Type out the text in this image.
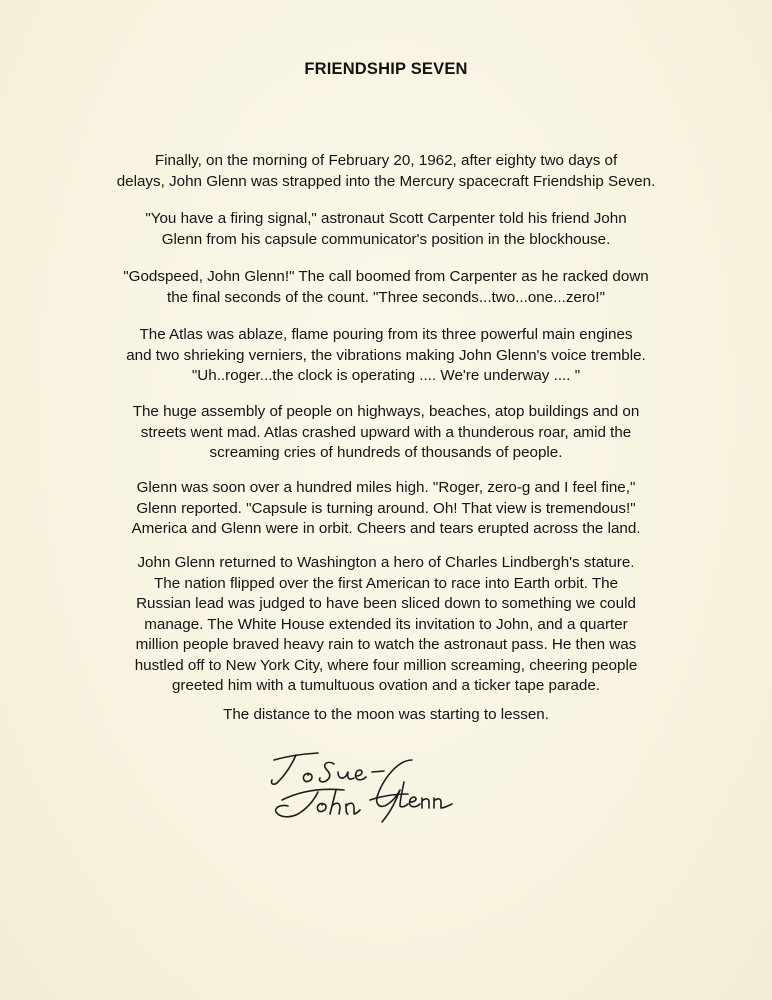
FRIENDSHIP SEVEN
Finally, on the morning of February 20, 1962, after eighty two days of
delays, John Glenn was strapped into the Mercury spacecraft Friendship Seven.
"You have a firing signal," astronaut Scott Carpenter told his friend John
Glenn from his capsule communicator's position in the blockhouse.
"Godspeed, John Glenn!" The call boomed from Carpenter as he racked down
the final seconds of the count. "Three seconds...two...one...zero!"
The Atlas was ablaze, flame pouring from its three powerful main engines
and two shrieking verniers, the vibrations making John Glenn's voice tremble.
"Uh..roger...the clock is operating .... We're underway .... "
The huge assembly of people on highways, beaches, atop buildings and on
streets went mad. Atlas crashed upward with a thunderous roar, amid the
screaming cries of hundreds of thousands of people.
Glenn was soon over a hundred miles high. "Roger, zero-g and I feel fine,"
Glenn reported. "Capsule is turning around. Oh! That view is tremendous!"
America and Glenn were in orbit. Cheers and tears erupted across the land.
John Glenn returned to Washington a hero of Charles Lindbergh's stature.
The nation flipped over the first American to race into Earth orbit. The
Russian lead was judged to have been sliced down to something we could
manage. The White House extended its invitation to John, and a quarter
million people braved heavy rain to watch the astronaut pass. He then was
hustled off to New York City, where four million screaming, cheering people
greeted him with a tumultuous ovation and a ticker tape parade.
The distance to the moon was starting to lessen.
